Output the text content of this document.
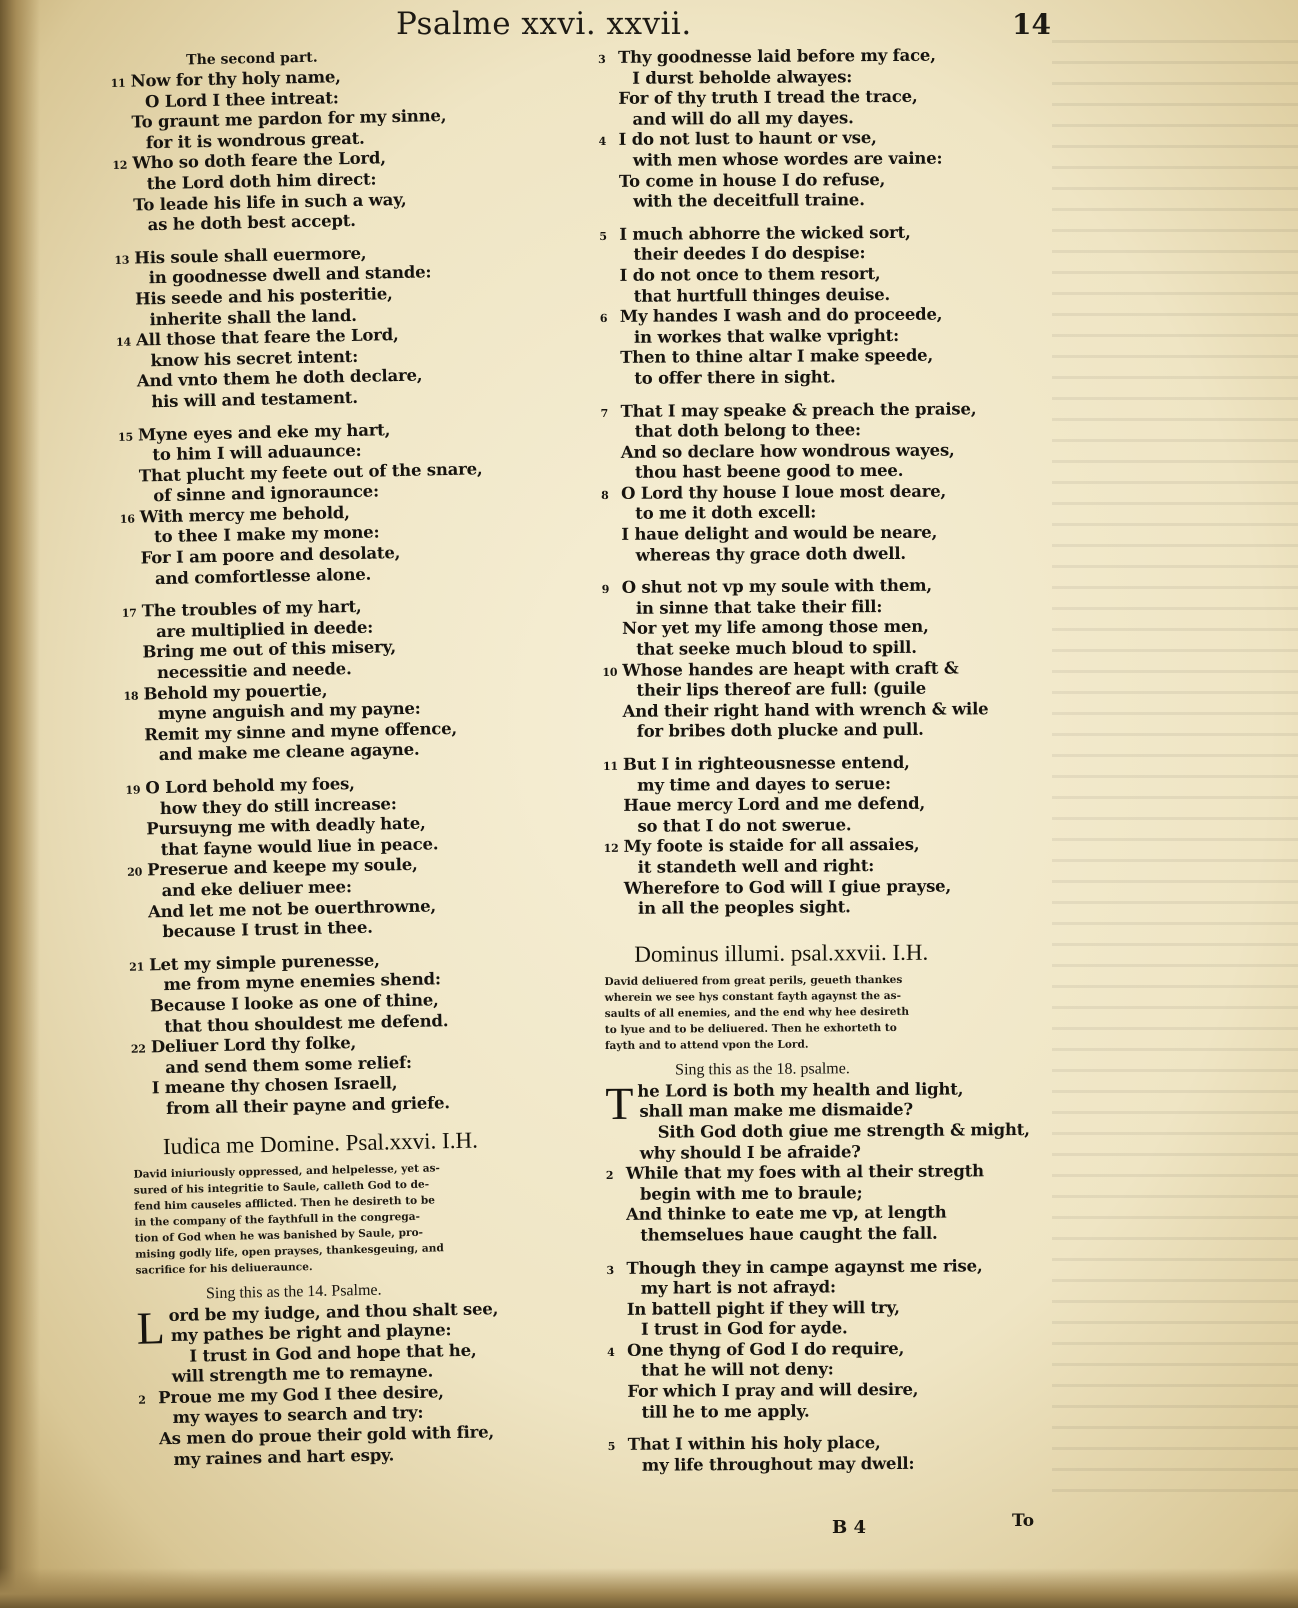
Psalme xxvi. xxvii.	14
The second part.
11 Now for thy holy name,
O Lord I thee intreat:
To graunt me pardon for my sinne,
for it is wondrous great.
12 Who so doth feare the Lord,
the Lord doth him direct:
To leade his life in such a way,
as he doth best accept.
13 His soule shall euermore,
in goodnesse dwell and stande:
His seede and his posteritie,
inherite shall the land.
14 All those that feare the Lord,
know his secret intent:
And vnto them he doth declare,
his will and testament.
15 Myne eyes and eke my hart,
to him I will aduaunce:
That plucht my feete out of the snare,
of sinne and ignoraunce:
16 With mercy me behold,
to thee I make my mone:
For I am poore and desolate,
and comfortlesse alone.
17 The troubles of my hart,
are multiplied in deede:
Bring me out of this misery,
necessitie and neede.
18 Behold my pouertie,
myne anguish and my payne:
Remit my sinne and myne offence,
and make me cleane agayne.
19 O Lord behold my foes,
how they do still increase:
Pursuyng me with deadly hate,
that fayne would liue in peace.
20 Preserue and keepe my soule,
and eke deliuer mee:
And let me not be ouerthrowne,
because I trust in thee.
21 Let my simple purenesse,
me from myne enemies shend:
Because I looke as one of thine,
that thou shouldest me defend.
22 Deliuer Lord thy folke,
and send them some relief:
I meane thy chosen Israell,
from all their payne and griefe.
Iudica me Domine. Psal.xxvi. I.H.
David iniuriously oppressed, and helpelesse, yet as-
sured of his integritie to Saule, calleth God to de-
fend him causeles afflicted. Then he desireth to be
in the company of the faythfull in the congrega-
tion of God when he was banished by Saule, pro-
mising godly life, open prayses, thankesgeuing, and
sacrifice for his deliueraunce.
Sing this as the 14. Psalme.
L ord be my iudge, and thou shalt see,
my pathes be right and playne:
I trust in God and hope that he,
will strength me to remayne.
2 Proue me my God I thee desire,
my wayes to search and try:
As men do proue their gold with fire,
my raines and hart espy.
3 Thy goodnesse laid before my face,
I durst beholde alwayes:
For of thy truth I tread the trace,
and will do all my dayes.
4 I do not lust to haunt or vse,
with men whose wordes are vaine:
To come in house I do refuse,
with the deceitfull traine.
5 I much abhorre the wicked sort,
their deedes I do despise:
I do not once to them resort,
that hurtfull thinges deuise.
6 My handes I wash and do proceede,
in workes that walke vpright:
Then to thine altar I make speede,
to offer there in sight.
7 That I may speake & preach the praise,
that doth belong to thee:
And so declare how wondrous wayes,
thou hast beene good to mee.
8 O Lord thy house I loue most deare,
to me it doth excell:
I haue delight and would be neare,
whereas thy grace doth dwell.
9 O shut not vp my soule with them,
in sinne that take their fill:
Nor yet my life among those men,
that seeke much bloud to spill.
10 Whose handes are heapt with craft &
their lips thereof are full: (guile
And their right hand with wrench & wile
for bribes doth plucke and pull.
11 But I in righteousnesse entend,
my time and dayes to serue:
Haue mercy Lord and me defend,
so that I do not swerue.
12 My foote is staide for all assaies,
it standeth well and right:
Wherefore to God will I giue prayse,
in all the peoples sight.
Dominus illumi. psal.xxvii. I.H.
David deliuered from great perils, geueth thankes
wherein we see hys constant fayth agaynst the as-
saults of all enemies, and the end why hee desireth
to lyue and to be deliuered. Then he exhorteth to
fayth and to attend vpon the Lord.
Sing this as the 18. psalme.
T he Lord is both my health and light,
shall man make me dismaide?
Sith God doth giue me strength & might,
why should I be afraide?
2 While that my foes with al their stregth
begin with me to braule;
And thinke to eate me vp, at length
themselues haue caught the fall.
3 Though they in campe agaynst me rise,
my hart is not afrayd:
In battell pight if they will try,
I trust in God for ayde.
4 One thyng of God I do require,
that he will not deny:
For which I pray and will desire,
till he to me apply.
5 That I within his holy place,
my life throughout may dwell:
B 4	To
